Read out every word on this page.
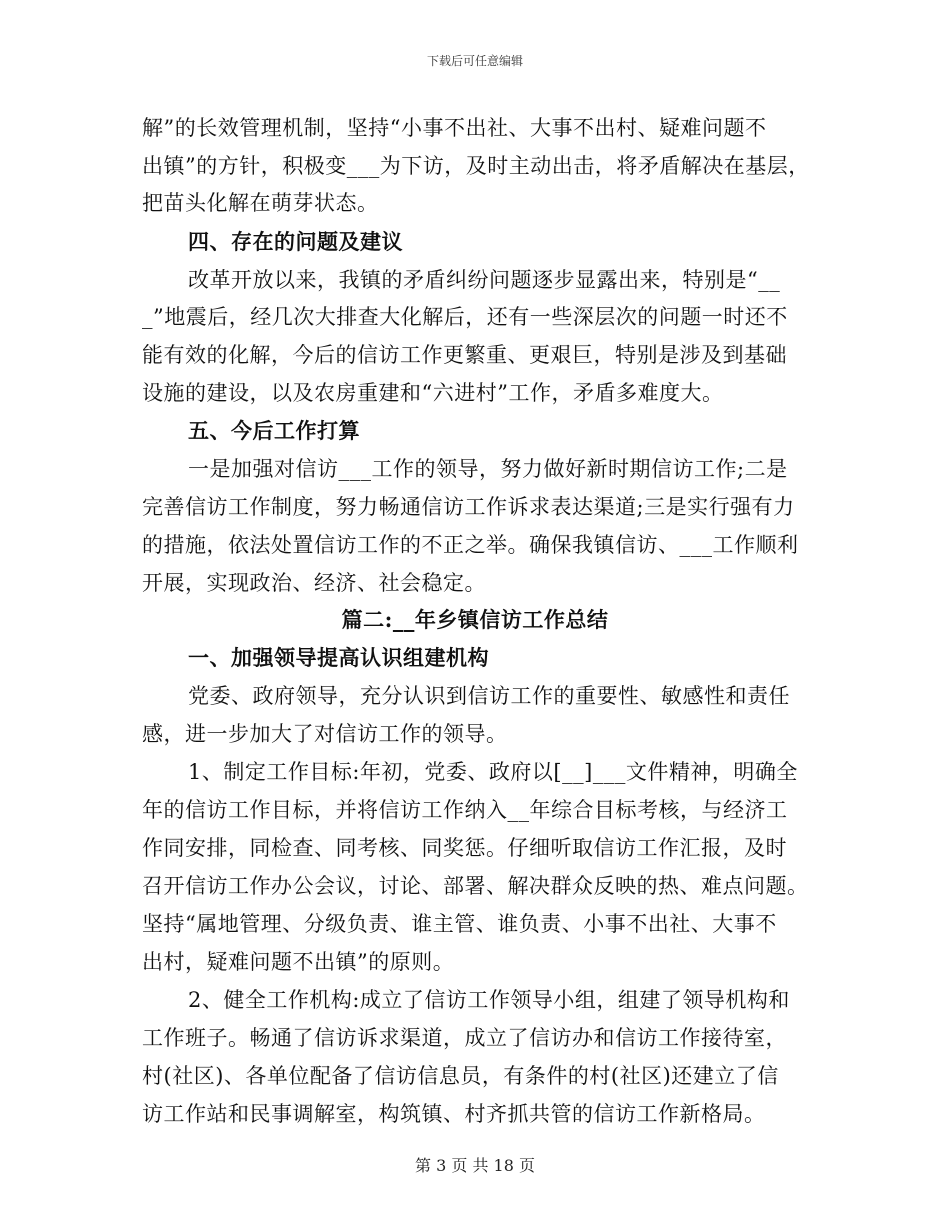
下载后可任意编辑
解”的长效管理机制，坚持“小事不出社、大事不出村、疑难问题不
出镇”的方针，积极变___为下访，及时主动出击，将矛盾解决在基层，
把苗头化解在萌芽状态。
四、存在的问题及建议
改革开放以来，我镇的矛盾纠纷问题逐步显露出来，特别是“__
_”地震后，经几次大排查大化解后，还有一些深层次的问题一时还不
能有效的化解，今后的信访工作更繁重、更艰巨，特别是涉及到基础
设施的建设，以及农房重建和“六进村”工作，矛盾多难度大。
五、今后工作打算
一是加强对信访___工作的领导，努力做好新时期信访工作;二是
完善信访工作制度，努力畅通信访工作诉求表达渠道;三是实行强有力
的措施，依法处置信访工作的不正之举。确保我镇信访、___工作顺利
开展，实现政治、经济、社会稳定。
篇二:__年乡镇信访工作总结
一、加强领导提高认识组建机构
党委、政府领导，充分认识到信访工作的重要性、敏感性和责任
感，进一步加大了对信访工作的领导。
1、制定工作目标:年初，党委、政府以[__]___文件精神，明确全
年的信访工作目标，并将信访工作纳入__年综合目标考核，与经济工
作同安排，同检查、同考核、同奖惩。仔细听取信访工作汇报，及时
召开信访工作办公会议，讨论、部署、解决群众反映的热、难点问题。
坚持“属地管理、分级负责、谁主管、谁负责、小事不出社、大事不
出村，疑难问题不出镇”的原则。
2、健全工作机构:成立了信访工作领导小组，组建了领导机构和
工作班子。畅通了信访诉求渠道，成立了信访办和信访工作接待室，
村(社区)、各单位配备了信访信息员，有条件的村(社区)还建立了信
访工作站和民事调解室，构筑镇、村齐抓共管的信访工作新格局。
第 3 页 共 18 页
